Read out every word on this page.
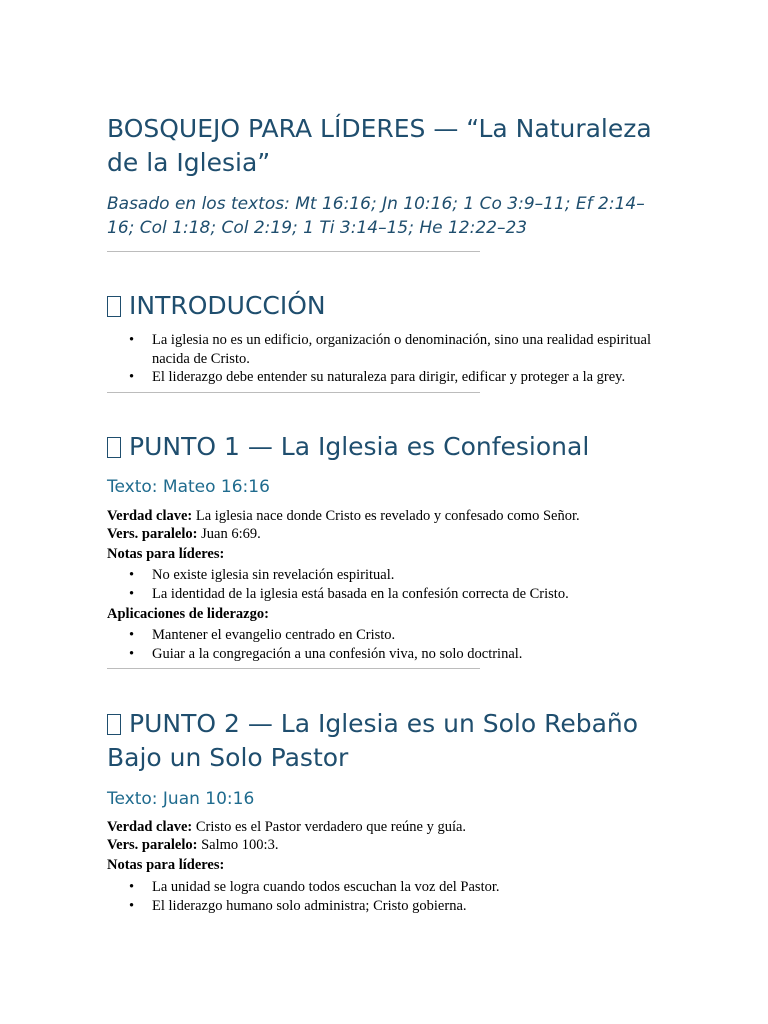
BOSQUEJO PARA LÍDERES — “La Naturaleza de la Iglesia”

Basado en los textos: Mt 16:16; Jn 10:16; 1 Co 3:9–11; Ef 2:14–16; Col 1:18; Col 2:19; 1 Ti 3:14–15; He 12:22–23

INTRODUCCIÓN
• La iglesia no es un edificio, organización o denominación, sino una realidad espiritual nacida de Cristo.
• El liderazgo debe entender su naturaleza para dirigir, edificar y proteger a la grey.
PUNTO 1 — La Iglesia es Confesional
Texto: Mateo 16:16

Verdad clave: La iglesia nace donde Cristo es revelado y confesado como Señor.

Vers. paralelo: Juan 6:69.

Notas para líderes:

• No existe iglesia sin revelación espiritual.
• La identidad de la iglesia está basada en la confesión correcta de Cristo.

Aplicaciones de liderazgo:

• Mantener el evangelio centrado en Cristo.
• Guiar a la congregación a una confesión viva, no solo doctrinal.
PUNTO 2 — La Iglesia es un Solo Rebaño Bajo un Solo Pastor
Texto: Juan 10:16

Verdad clave: Cristo es el Pastor verdadero que reúne y guía.

Vers. paralelo: Salmo 100:3.

Notas para líderes:

• La unidad se logra cuando todos escuchan la voz del Pastor.
• El liderazgo humano solo administra; Cristo gobierna.
